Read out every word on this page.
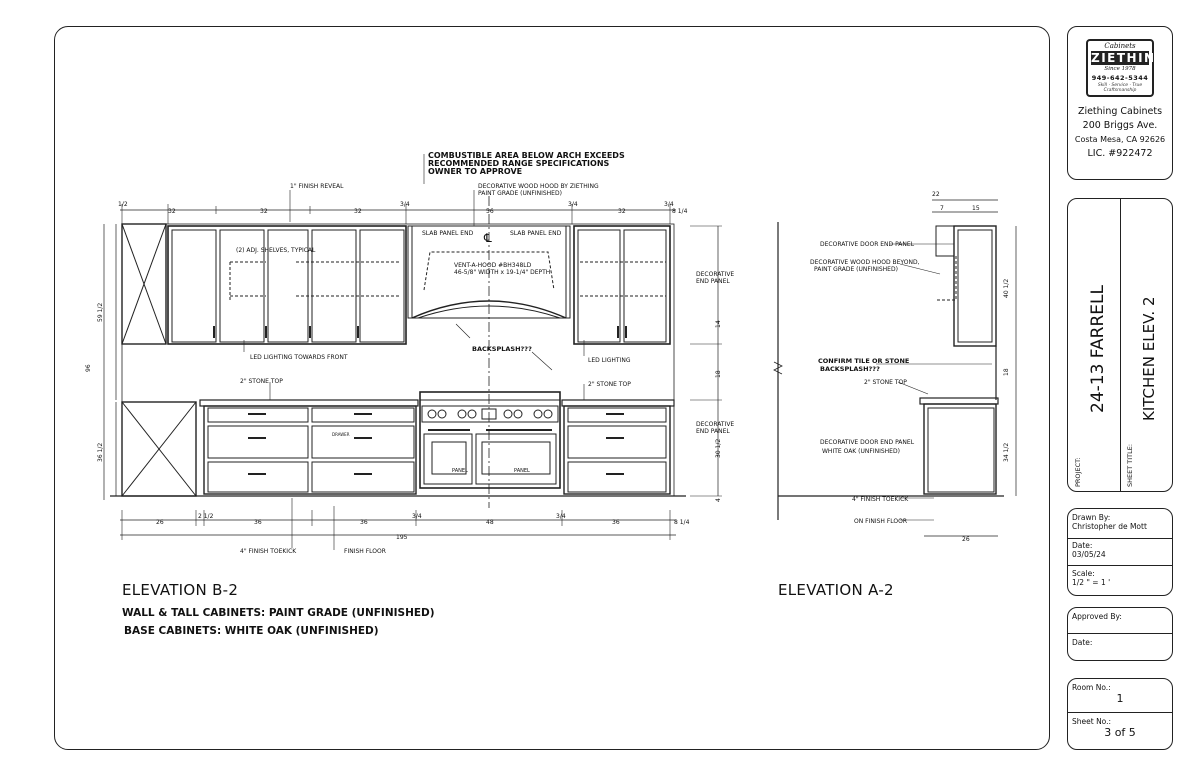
COMBUSTIBLE AREA BELOW ARCH EXCEEDS
RECOMMENDED RANGE SPECIFICATIONS
OWNER TO APPROVE
1" FINISH REVEAL	DECORATIVE WOOD HOOD BY ZIETHING
PAINT GRADE (UNFINISHED)
1/2
32	32	32
3/4
56
3/4
32
3/4
8 1/4
SLAB PANEL END	SLAB PANEL END
℄
(2) ADJ. SHELVES, TYPICAL
VENT-A-HOOD #BH348LD
46-5/8" WIDTH x 19-1/4" DEPTH	DECORATIVE
END PANEL
LED LIGHTING TOWARDS FRONT
BACKSPLASH???
LED LIGHTING
2" STONE TOP	2" STONE TOP
DECORATIVE
END PANEL
DRAWER
PANEL	PANEL
96
59 1/2
36 1/2
14
18
30 1/2
4
26
2 1/2
36	36
3/4
48
3/4
36	8 1/4
195
4" FINISH TOEKICK	FINISH FLOOR
22
7	15
DECORATIVE DOOR END PANEL
DECORATIVE WOOD HOOD BEYOND,
PAINT GRADE (UNFINISHED)
CONFIRM TILE OR STONE
BACKSPLASH???
2" STONE TOP
DECORATIVE DOOR END PANEL
WHITE OAK (UNFINISHED)
4" FINISH TOEKICK
ON FINISH FLOOR
26
40 1/2
18
34 1/2
ELEVATION B-2
WALL & TALL CABINETS: PAINT GRADE (UNFINISHED)
BASE CABINETS: WHITE OAK (UNFINISHED)
ELEVATION A-2
Cabinets
ZIETHING
Since 1978
949-642-5344
Skill · Service · True Craftsmanship
Ziething Cabinets
200 Briggs Ave.
Costa Mesa, CA 92626
LIC. #922472
PROJECT:
24-13 FARRELL
SHEET TITLE:
KITCHEN ELEV. 2
Drawn By:
Christopher de Mott
Date:
03/05/24
Scale:
1/2 " = 1 '
Approved By:
Date:
Room No.:
1
Sheet No.:
3 of 5
